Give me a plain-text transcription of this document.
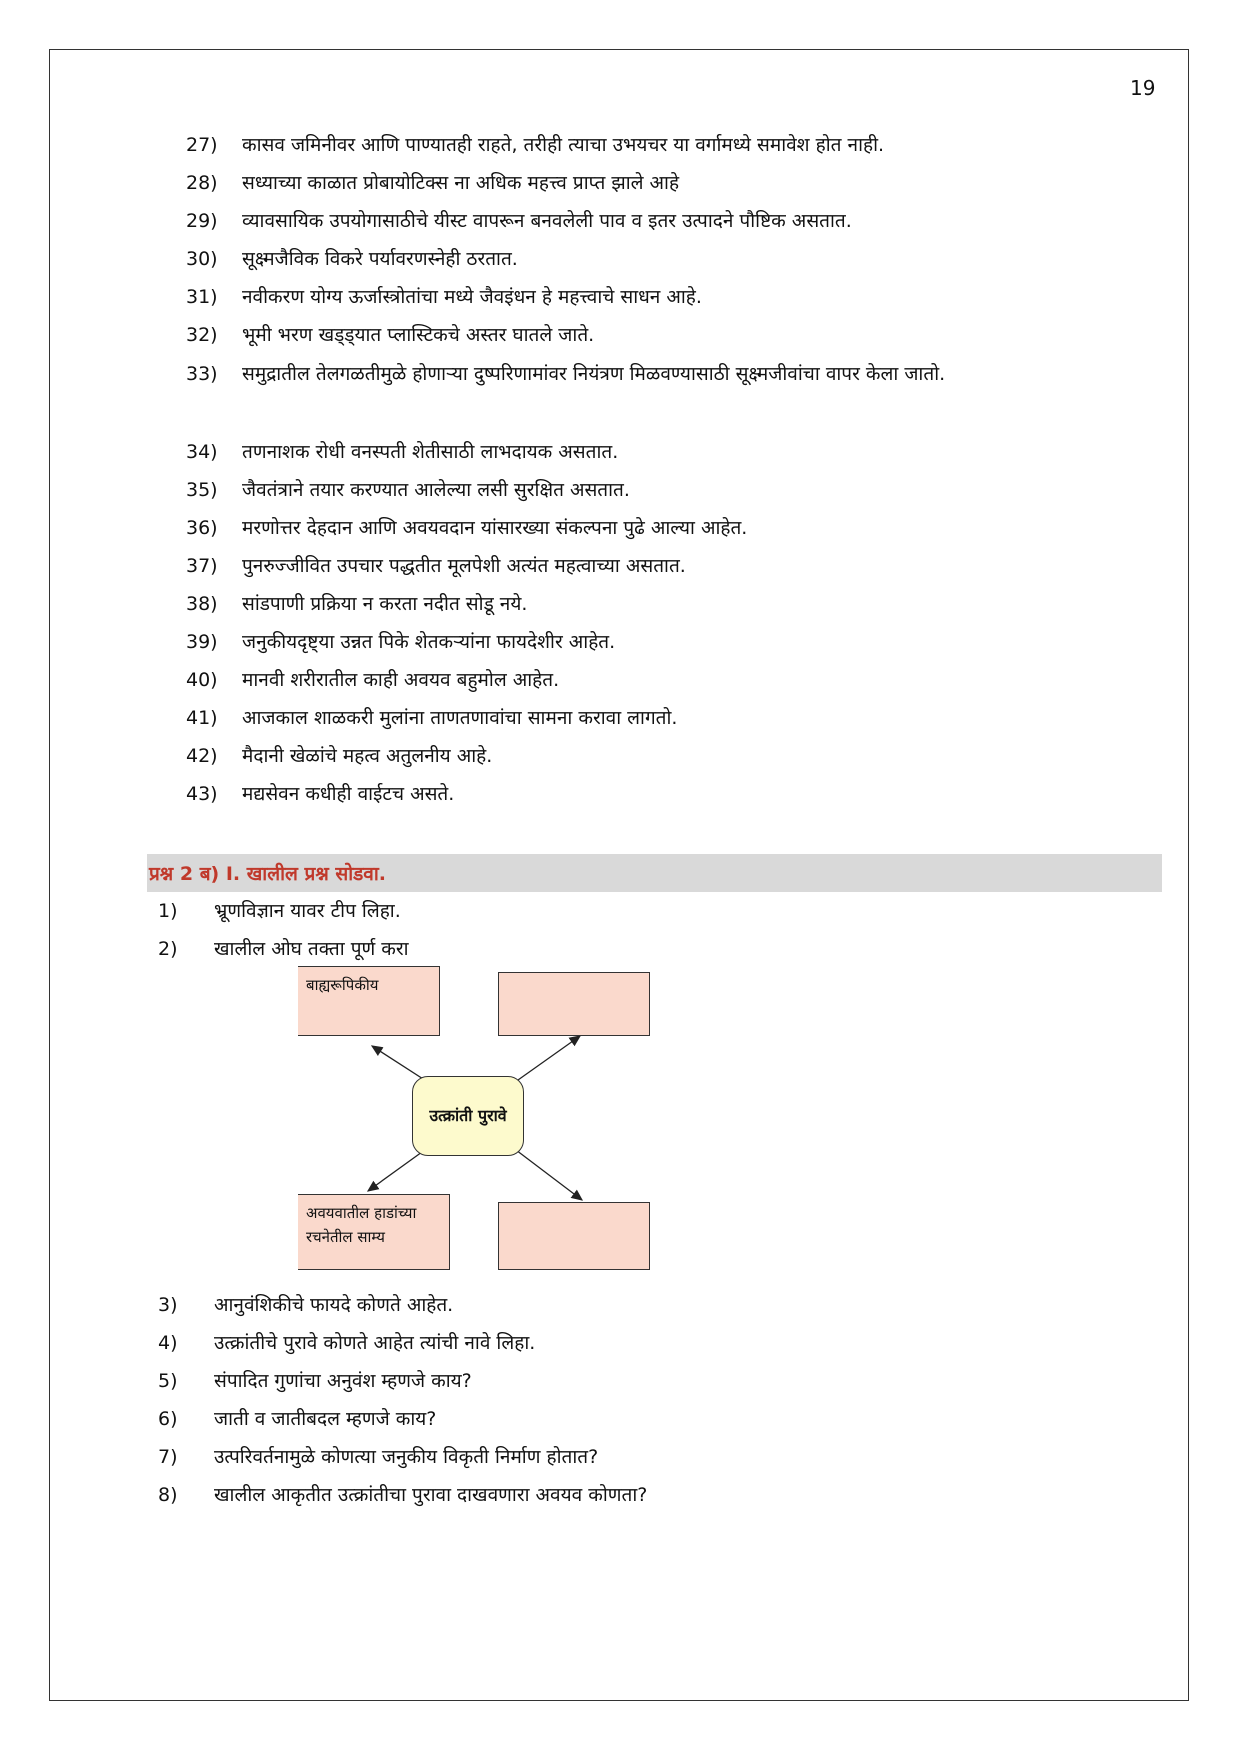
19
27)	कासव जमिनीवर आणि पाण्यातही राहते, तरीही त्याचा उभयचर या वर्गामध्ये समावेश होत नाही.
28)	सध्याच्या काळात प्रोबायोटिक्स ना अधिक महत्त्व प्राप्त झाले आहे
29)	व्यावसायिक उपयोगासाठीचे यीस्ट वापरून बनवलेली पाव व इतर उत्पादने पौष्टिक असतात.
30)	सूक्ष्मजैविक विकरे पर्यावरणस्नेही ठरतात.
31)	नवीकरण योग्य ऊर्जास्त्रोतांचा मध्ये जैवइंधन हे महत्त्वाचे साधन आहे.
32)	भूमी भरण खड्ड्यात प्लास्टिकचे अस्तर घातले जाते.
33)	समुद्रातील तेलगळतीमुळे होणाऱ्या दुष्परिणामांवर नियंत्रण मिळवण्यासाठी सूक्ष्मजीवांचा वापर केला जातो.
34)	तणनाशक रोधी वनस्पती शेतीसाठी लाभदायक असतात.
35)	जैवतंत्राने तयार करण्यात आलेल्या लसी सुरक्षित असतात.
36)	मरणोत्तर देहदान आणि अवयवदान यांसारख्या संकल्पना पुढे आल्या आहेत.
37)	पुनरुज्जीवित उपचार पद्धतीत मूलपेशी अत्यंत महत्वाच्या असतात.
38)	सांडपाणी प्रक्रिया न करता नदीत सोडू नये.
39)	जनुकीयदृष्ट्या उन्नत पिके शेतकऱ्यांना फायदेशीर आहेत.
40)	मानवी शरीरातील काही अवयव बहुमोल आहेत.
41)	आजकाल शाळकरी मुलांना ताणतणावांचा सामना करावा लागतो.
42)	मैदानी खेळांचे महत्व अतुलनीय आहे.
43)	मद्यसेवन कधीही वाईटच असते.
प्रश्न 2 ब) I. खालील प्रश्न सोडवा.
1)	भ्रूणविज्ञान यावर टीप लिहा.
2)	खालील ओघ तक्ता पूर्ण करा
बाह्यरूपिकीय
उत्क्रांती पुरावे
अवयवातील हाडांच्या रचनेतील साम्य
3)	आनुवंशिकीचे फायदे कोणते आहेत.
4)	उत्क्रांतीचे पुरावे कोणते आहेत त्यांची नावे लिहा.
5)	संपादित गुणांचा अनुवंश म्हणजे काय?
6)	जाती व जातीबदल म्हणजे काय?
7)	उत्परिवर्तनामुळे कोणत्या जनुकीय विकृती निर्माण होतात?
8)	खालील आकृतीत उत्क्रांतीचा पुरावा दाखवणारा अवयव कोणता?
